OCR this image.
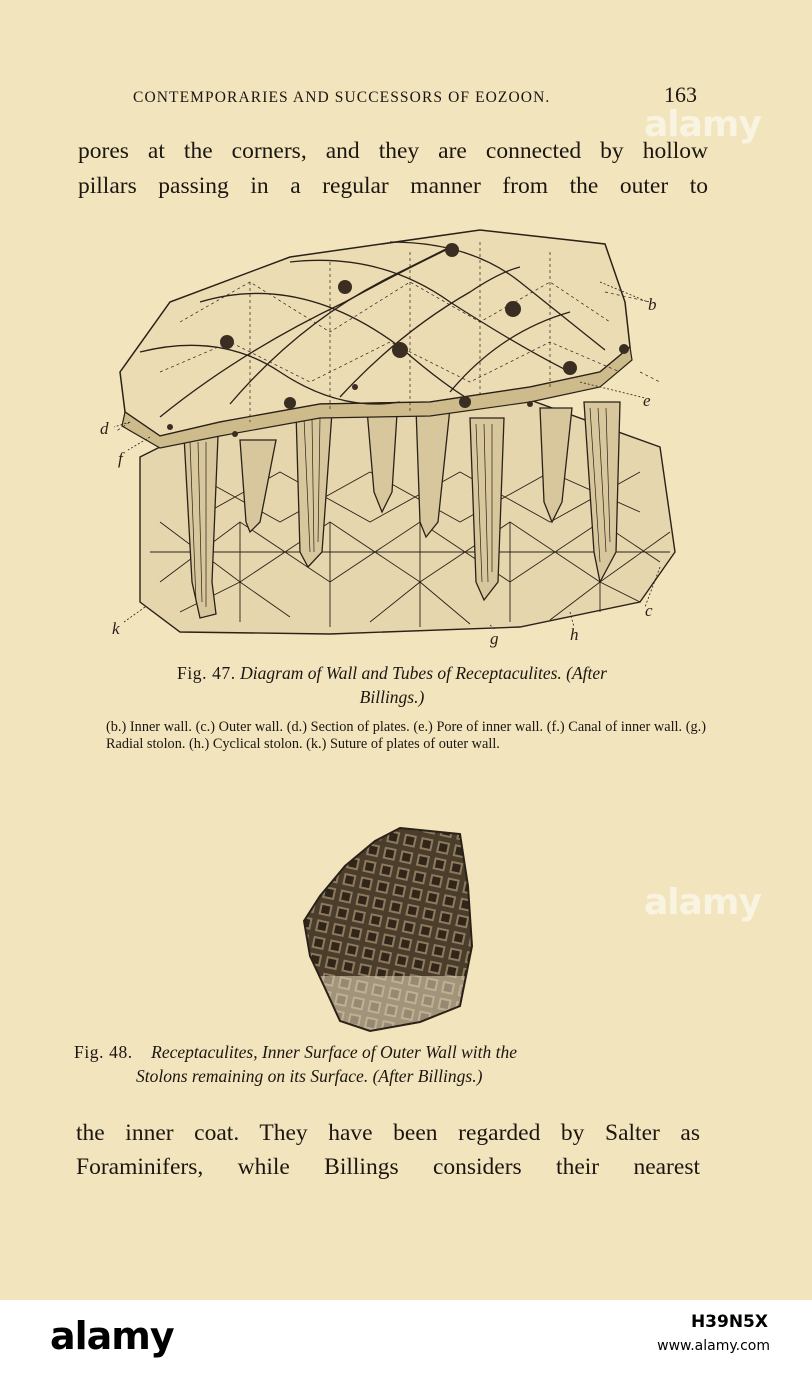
CONTEMPORARIES AND SUCCESSORS OF EOZOON.	163
pores at the corners, and they are connected by hollow
pillars passing in a regular manner from the outer to
b
e
d
f
c
k
g	h
Fig. 47. Diagram of Wall and Tubes of Receptaculites. (After
Billings.)
(b.) Inner wall. (c.) Outer wall. (d.) Section of plates. (e.) Pore of inner wall. (f.) Canal of inner wall. (g.) Radial stolon. (h.) Cyclical stolon. (k.) Suture of plates of outer wall.
Fig. 48. Receptaculites, Inner Surface of Outer Wall with the
Stolons remaining on its Surface. (After Billings.)
the inner coat. They have been regarded by Salter as
Foraminifers, while Billings considers their nearest
alamy
alamy
alamy	H39N5X
www.alamy.com
